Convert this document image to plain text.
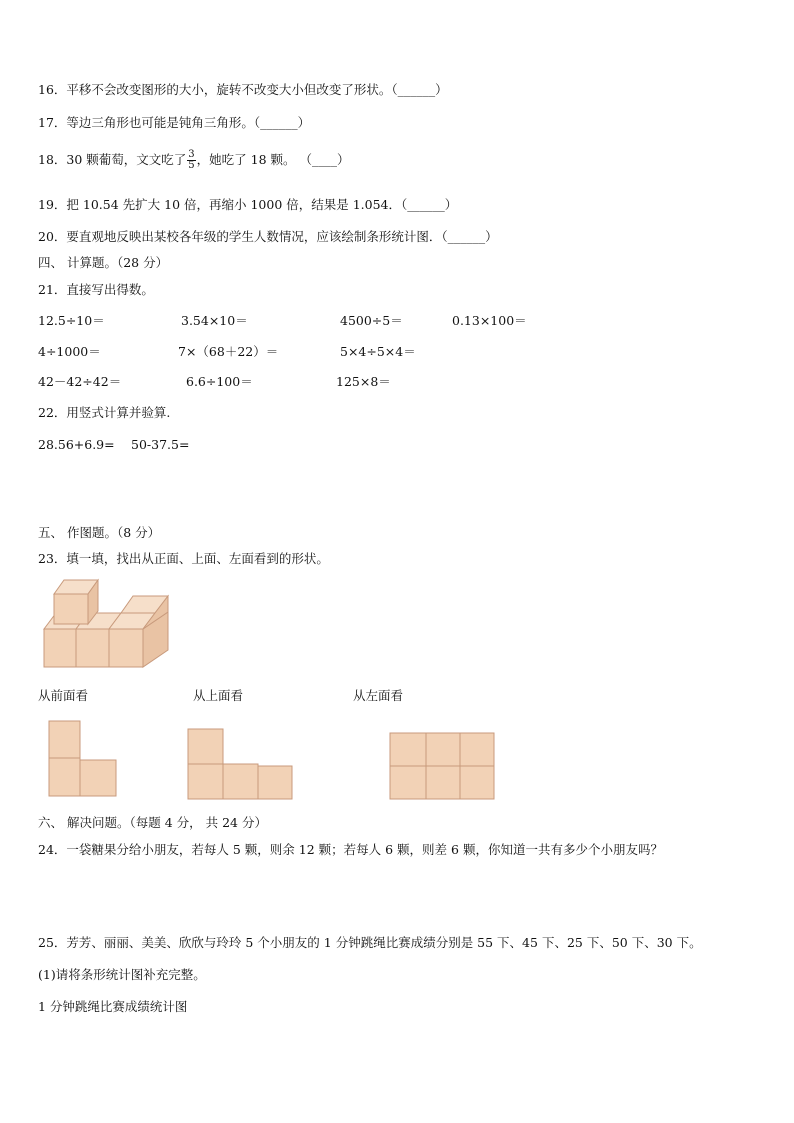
16．平移不会改变图形的大小，旋转不改变大小但改变了形状。（______）
17．等边三角形也可能是钝角三角形。（______）
18．30 颗葡萄，文文吃了 $\frac{3}{5}$ ，她吃了 18 颗。 （____）
19．把 10.54 先扩大 10 倍，再缩小 1000 倍，结果是 1.054．（______）
20．要直观地反映出某校各年级的学生人数情况，应该绘制条形统计图．（______）
四、 计算题。（28 分）
21．直接写出得数。
12.5÷10＝	3.54×10＝	4500÷5＝	0.13×100＝
4÷1000＝	7×（68＋22）＝	5×4÷5×4＝
42－42÷42＝	6.6÷100＝	125×8＝
22．用竖式计算并验算.
28.56+6.9= 50-37.5=
五、 作图题。（8 分）
23．填一填，找出从正面、上面、左面看到的形状。
从前面看	从上面看	从左面看
六、 解决问题。（每题 4 分， 共 24 分）
24．一袋糖果分给小朋友，若每人 5 颗，则余 12 颗；若每人 6 颗，则差 6 颗，你知道一共有多少个小朋友吗？
25．芳芳、丽丽、美美、欣欣与玲玲 5 个小朋友的 1 分钟跳绳比赛成绩分别是 55 下、45 下、25 下、50 下、30 下。
(1)请将条形统计图补充完整。
1 分钟跳绳比赛成绩统计图
